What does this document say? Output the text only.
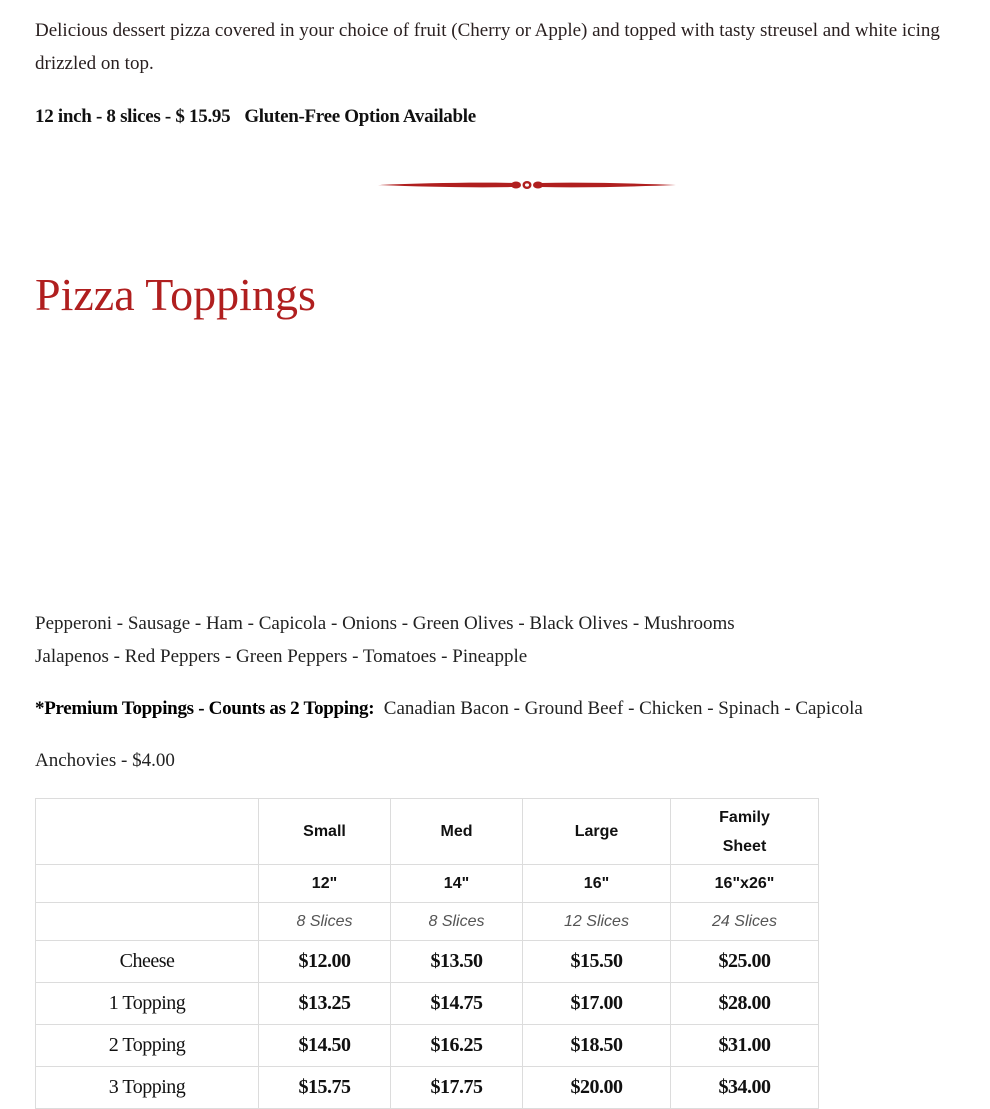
Delicious dessert pizza covered in your choice of fruit (Cherry or Apple) and topped with tasty streusel and white icing drizzled on top.

12 inch - 8 slices - $ 15.95 Gluten-Free Option Available

Pizza Toppings
Pepperoni - Sausage - Ham - Capicola - Onions - Green Olives - Black Olives - Mushrooms
Jalapenos - Red Peppers - Green Peppers - Tomatoes - Pineapple

*Premium Toppings - Counts as 2 Topping: Canadian Bacon - Ground Beef - Chicken - Spinach - Capicola

Anchovies - $4.00

	Small	Med	Large	Family Sheet

	12"	14"	16"	16"x26"
	8 Slices	8 Slices	12 Slices	24 Slices
Cheese	$12.00	$13.50	$15.50	$25.00
1 Topping	$13.25	$14.75	$17.00	$28.00
2 Topping	$14.50	$16.25	$18.50	$31.00
3 Topping	$15.75	$17.75	$20.00	$34.00
